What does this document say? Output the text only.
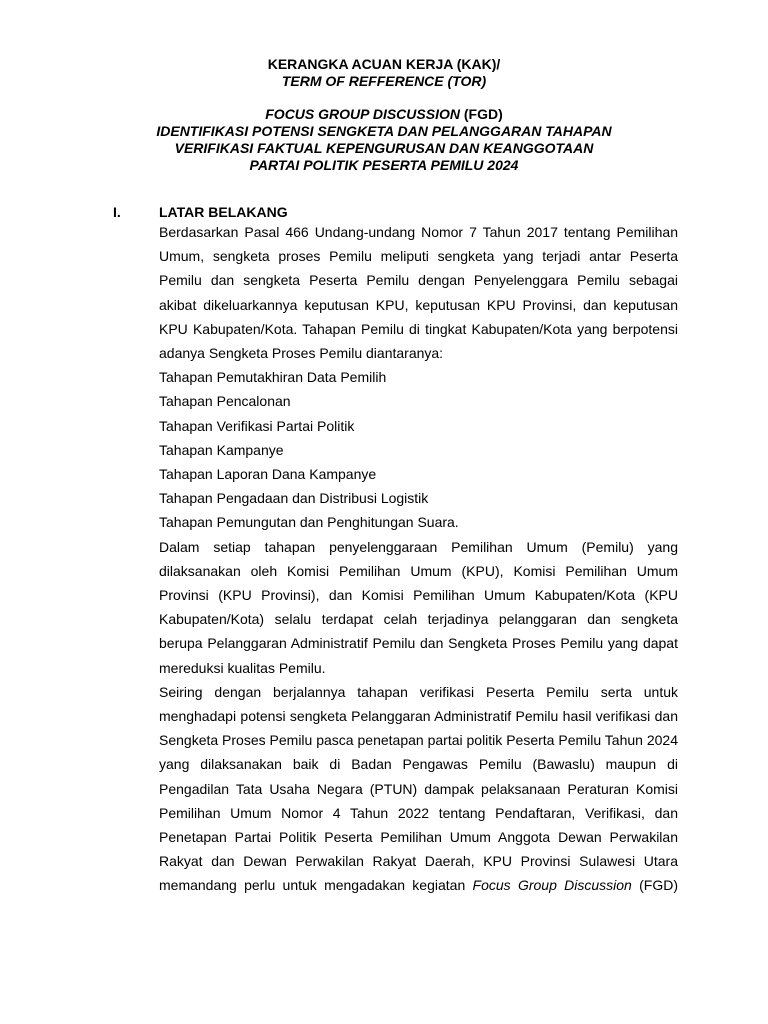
KERANGKA ACUAN KERJA (KAK)/
TERM OF REFFERENCE (TOR)
FOCUS GROUP DISCUSSION (FGD)
IDENTIFIKASI POTENSI SENGKETA DAN PELANGGARAN TAHAPAN
VERIFIKASI FAKTUAL KEPENGURUSAN DAN KEANGGOTAAN
PARTAI POLITIK PESERTA PEMILU 2024
I.	LATAR BELAKANG

Berdasarkan Pasal 466 Undang-undang Nomor 7 Tahun 2017 tentang Pemilihan Umum, sengketa proses Pemilu meliputi sengketa yang terjadi antar Peserta Pemilu dan sengketa Peserta Pemilu dengan Penyelenggara Pemilu sebagai akibat dikeluarkannya keputusan KPU, keputusan KPU Provinsi, dan keputusan KPU Kabupaten/Kota. Tahapan Pemilu di tingkat Kabupaten/Kota yang berpotensi adanya Sengketa Proses Pemilu diantaranya:

Tahapan Pemutakhiran Data Pemilih
Tahapan Pencalonan
Tahapan Verifikasi Partai Politik
Tahapan Kampanye
Tahapan Laporan Dana Kampanye
Tahapan Pengadaan dan Distribusi Logistik
Tahapan Pemungutan dan Penghitungan Suara.

Dalam setiap tahapan penyelenggaraan Pemilihan Umum (Pemilu) yang dilaksanakan oleh Komisi Pemilihan Umum (KPU), Komisi Pemilihan Umum Provinsi (KPU Provinsi), dan Komisi Pemilihan Umum Kabupaten/Kota (KPU Kabupaten/Kota) selalu terdapat celah terjadinya pelanggaran dan sengketa berupa Pelanggaran Administratif Pemilu dan Sengketa Proses Pemilu yang dapat mereduksi kualitas Pemilu.

Seiring dengan berjalannya tahapan verifikasi Peserta Pemilu serta untuk menghadapi potensi sengketa Pelanggaran Administratif Pemilu hasil verifikasi dan Sengketa Proses Pemilu pasca penetapan partai politik Peserta Pemilu Tahun 2024 yang dilaksanakan baik di Badan Pengawas Pemilu (Bawaslu) maupun di Pengadilan Tata Usaha Negara (PTUN) dampak pelaksanaan Peraturan Komisi Pemilihan Umum Nomor 4 Tahun 2022 tentang Pendaftaran, Verifikasi, dan Penetapan Partai Politik Peserta Pemilihan Umum Anggota Dewan Perwakilan Rakyat dan Dewan Perwakilan Rakyat Daerah, KPU Provinsi Sulawesi Utara memandang perlu untuk mengadakan kegiatan Focus Group Discussion (FGD)
